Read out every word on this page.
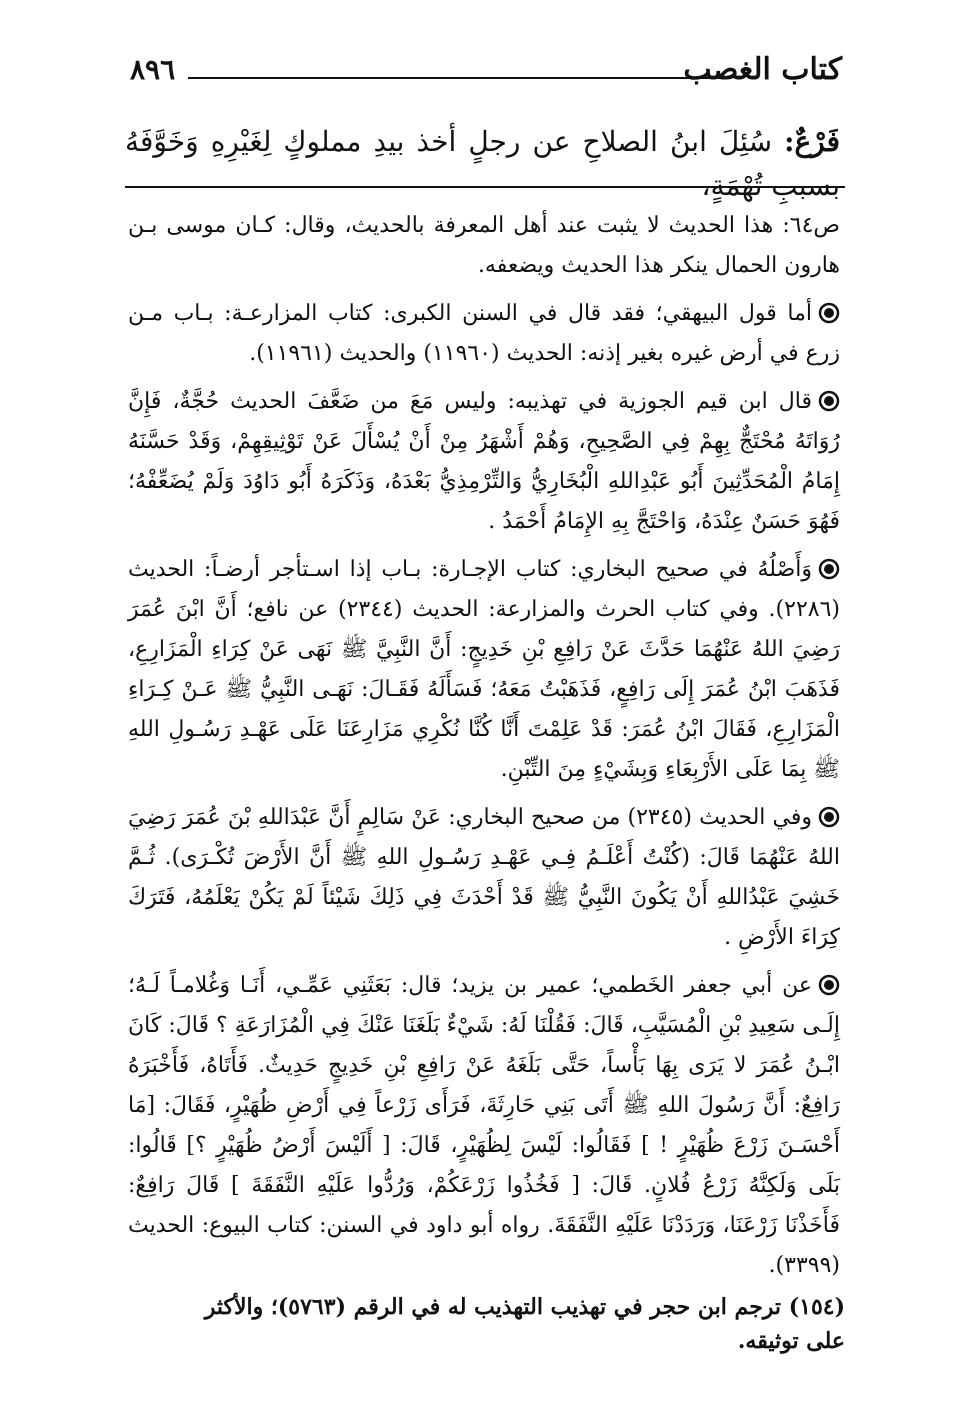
كتاب الغصب
٨٩٦
فَرْعٌ: سُئِلَ ابنُ الصلاحِ عن رجلٍ أخذ بيدِ مملوكٍ لِغَيْرِهِ وَخَوَّفَهُ بسببِ تُهْمَةٍ،

ص٦٤: هذا الحديث لا يثبت عند أهل المعرفة بالحديث، وقال: كـان موسى بـن هارون الحمال ينكر هذا الحديث ويضعفه.

أما قول البيهقي؛ فقد قال في السنن الكبرى: كتاب المزارعـة: بـاب مـن زرع في أرض غيره بغير إذنه: الحديث (١١٩٦٠) والحديث (١١٩٦١).

قال ابن قيم الجوزية في تهذيبه: وليس مَعَ من ضَعَّفَ الحديث حُجَّةٌ، فَإِنَّ رُوَاتَهُ مُحْتَجٌّ بِهِمْ فِي الصَّحِيحِ، وَهُمْ أَشْهَرُ مِنْ أَنْ يُسْأَلَ عَنْ تَوْثِيقِهِمْ، وَقَدْ حَسَّنَهُ إِمَامُ الْمُحَدِّثِينَ أَبُو عَبْدِاللهِ الْبُخَارِيُّ وَالتِّرْمِذِيُّ بَعْدَهُ، وَذَكَرَهُ أَبُو دَاوُدَ وَلَمْ يُضَعِّفْهُ؛ فَهُوَ حَسَنٌ عِنْدَهُ، وَاحْتَجَّ بِهِ الإِمَامُ أَحْمَدُ .

وَأَصْلُهُ في صحيح البخاري: كتاب الإجـارة: بـاب إذا اسـتأجر أرضـاً: الحديث (٢٢٨٦). وفي كتاب الحرث والمزارعة: الحديث (٢٣٤٤) عن نافع؛ أَنَّ ابْنَ عُمَرَ رَضِيَ اللهُ عَنْهُمَا حَدَّثَ عَنْ رَافِعِ بْنِ خَدِيجٍ: أَنَّ النَّبِيَّ ﷺ نَهَى عَنْ كِرَاءِ الْمَزَارِعِ، فَذَهَبَ ابْنُ عُمَرَ إِلَى رَافِعٍ، فَذَهَبْتُ مَعَهُ؛ فَسَأَلَهُ فَقَـالَ: نَهَـى النَّبِيُّ ﷺ عَـنْ كِـرَاءِ الْمَزَارِعِ، فَقَالَ ابْنُ عُمَرَ: قَدْ عَلِمْتَ أَنَّا كُنَّا نُكْرِي مَزَارِعَنَا عَلَى عَهْـدِ رَسُـولِ اللهِ ﷺ بِمَا عَلَى الأَرْبِعَاءِ وَبِشَيْءٍ مِنَ التِّبْنِ.

وفي الحديث (٢٣٤٥) من صحيح البخاري: عَنْ سَالِمٍ أَنَّ عَبْدَاللهِ بْنَ عُمَرَ رَضِيَ اللهُ عَنْهُمَا قَالَ: (كُنْتُ أَعْلَـمُ فِـي عَهْـدِ رَسُـولِ اللهِ ﷺ أَنَّ الأَرْضَ تُكْـرَى). ثُـمَّ خَشِيَ عَبْدُاللهِ أَنْ يَكُونَ النَّبِيُّ ﷺ قَدْ أَحْدَثَ فِي ذَلِكَ شَيْئاً لَمْ يَكُنْ يَعْلَمُهُ، فَتَرَكَ كِرَاءَ الأَرْضِ .

عن أبي جعفر الخَطمي؛ عمير بن يزيد؛ قال: بَعَثَنِي عَمِّـي، أَنَـا وَغُلامـاً لَـهُ؛ إِلَـى سَعِيدِ بْنِ الْمُسَيَّبِ، قَالَ: فَقُلْنَا لَهُ: شَيْءٌ بَلَغَنَا عَنْكَ فِي الْمُزَارَعَةِ ؟ قَالَ: كَانَ ابْـنُ عُمَرَ لا يَرَى بِهَا بَأْساً، حَتَّى بَلَغَهُ عَنْ رَافِعِ بْنِ خَدِيجٍ حَدِيثٌ. فَأَتَاهُ، فَأَخْبَرَهُ رَافِعٌ: أَنَّ رَسُولَ اللهِ ﷺ أَتَى بَنِي حَارِثَةَ، فَرَأَى زَرْعاً فِي أَرْضِ ظُهَيْرٍ، فَقَالَ: [مَا أَحْسَـنَ زَرْعَ ظُهَيْرٍ ! ] فَقَالُوا: لَيْسَ لِظُهَيْرٍ، قَالَ: [ أَلَيْسَ أَرْضُ ظُهَيْرٍ ؟] قَالُوا: بَلَى وَلَكِنَّهُ زَرْعُ فُلانٍ. قَالَ: [ فَخُذُوا زَرْعَكُمْ، وَرُدُّوا عَلَيْهِ النَّفَقَةَ ] قَالَ رَافِعٌ: فَأَخَذْنَا زَرْعَنَا، وَرَدَدْنَا عَلَيْهِ النَّفَقَةَ. رواه أبو داود في السنن: كتاب البيوع: الحديث (٣٣٩٩).

(١٥٤) ترجم ابن حجر في تهذيب التهذيب له في الرقم (٥٧٦٣)؛ والأكثر على توثيقه.
